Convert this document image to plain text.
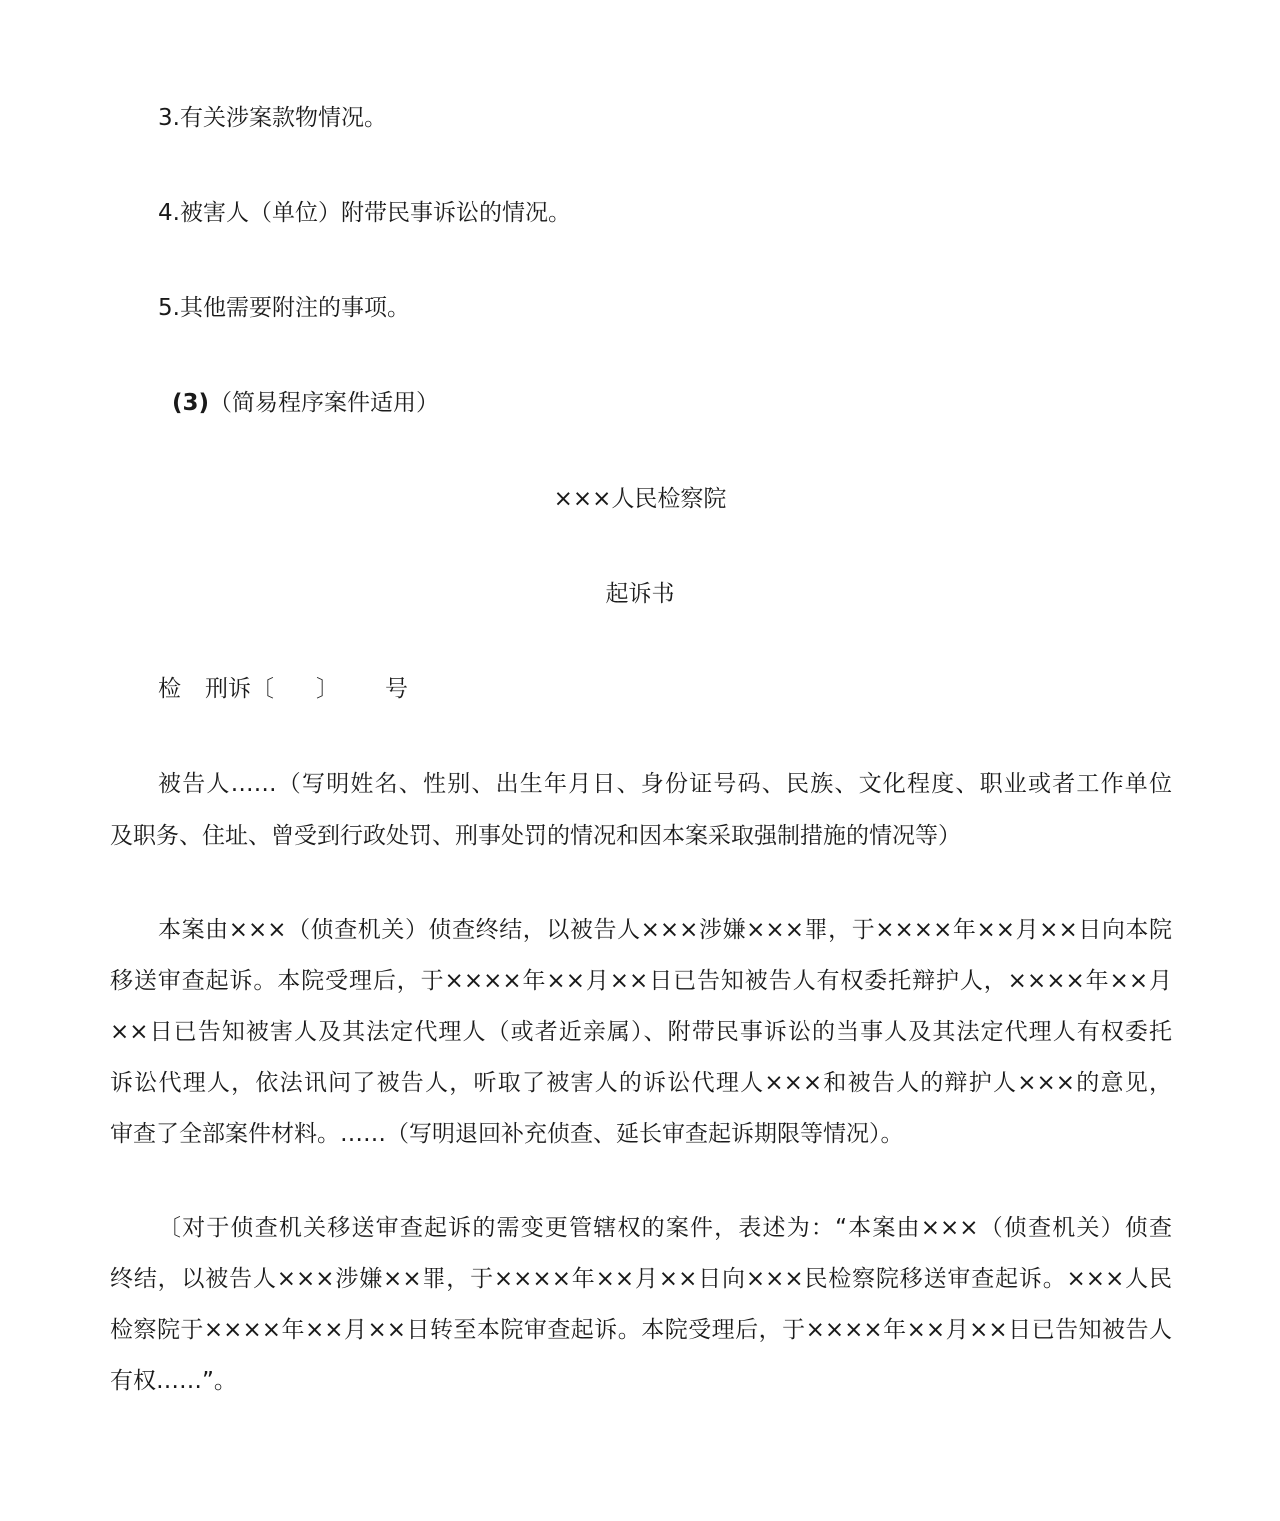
3.有关涉案款物情况。
4.被害人（单位）附带民事诉讼的情况。
5.其他需要附注的事项。
(3)（简易程序案件适用）
×××人民检察院
起诉书
检 刑诉〔 〕 号
被告人……（写明姓名、性别、出生年月日、身份证号码、民族、文化程度、职业或者工作单位
及职务、住址、曾受到行政处罚、刑事处罚的情况和因本案采取强制措施的情况等）
本案由×××（侦查机关）侦查终结，以被告人×××涉嫌×××罪，于××××年××月××日向本院
移送审查起诉。本院受理后，于××××年××月××日已告知被告人有权委托辩护人，××××年××月
××日已告知被害人及其法定代理人（或者近亲属）、附带民事诉讼的当事人及其法定代理人有权委托
诉讼代理人，依法讯问了被告人，听取了被害人的诉讼代理人×××和被告人的辩护人×××的意见，
审查了全部案件材料。……（写明退回补充侦查、延长审查起诉期限等情况）。
〔对于侦查机关移送审查起诉的需变更管辖权的案件，表述为：“本案由×××（侦查机关）侦查
终结，以被告人×××涉嫌××罪，于××××年××月××日向×××民检察院移送审查起诉。×××人民
检察院于××××年××月××日转至本院审查起诉。本院受理后，于××××年××月××日已告知被告人
有权……”。
